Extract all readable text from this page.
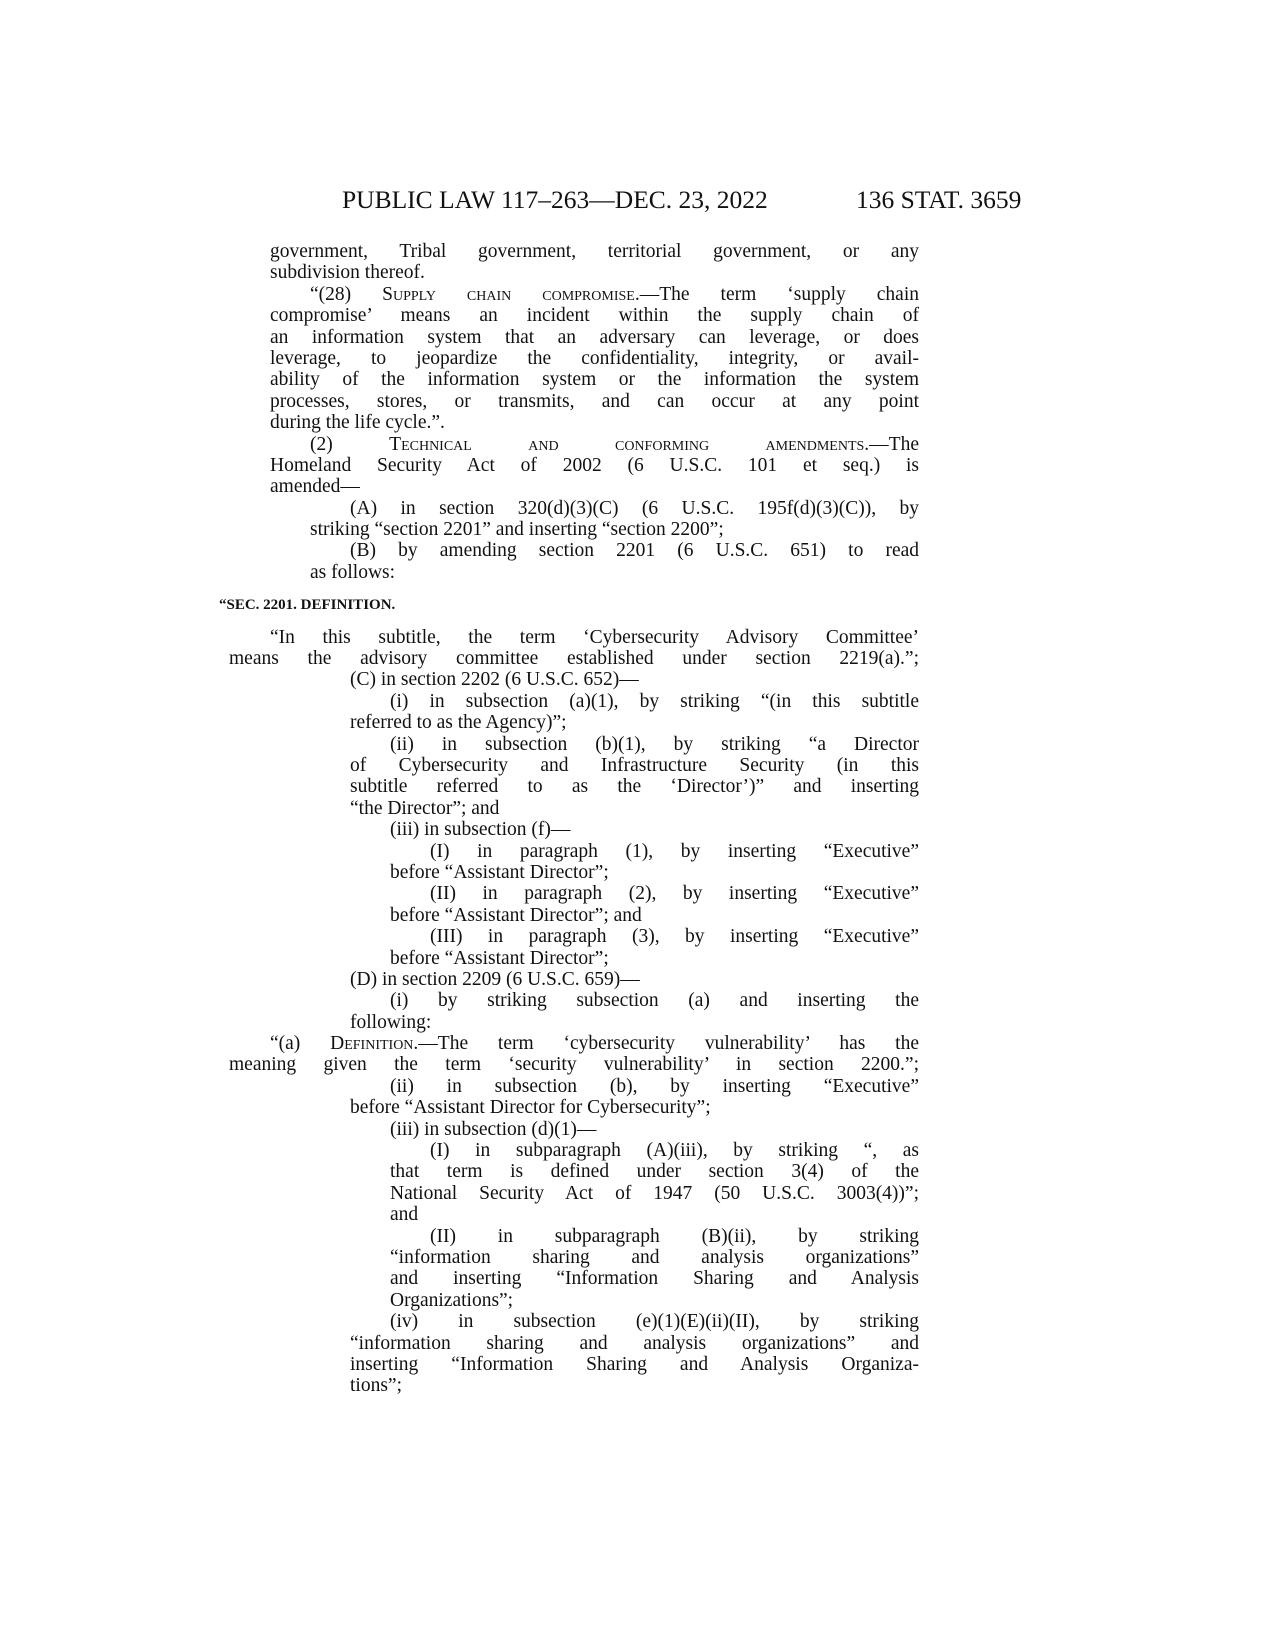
PUBLIC LAW 117–263—DEC. 23, 2022	136 STAT. 3659
government, Tribal government, territorial government, or any
subdivision thereof.
“(28) Supply chain compromise.—The term ‘supply chain
compromise’ means an incident within the supply chain of
an information system that an adversary can leverage, or does
leverage, to jeopardize the confidentiality, integrity, or avail-
ability of the information system or the information the system
processes, stores, or transmits, and can occur at any point
during the life cycle.”.
(2) Technical and conforming amendments.—The
Homeland Security Act of 2002 (6 U.S.C. 101 et seq.) is
amended—
(A) in section 320(d)(3)(C) (6 U.S.C. 195f(d)(3)(C)), by
striking “section 2201” and inserting “section 2200”;
(B) by amending section 2201 (6 U.S.C. 651) to read
as follows:
“SEC. 2201. DEFINITION.
“In this subtitle, the term ‘Cybersecurity Advisory Committee’
means the advisory committee established under section 2219(a).”;
(C) in section 2202 (6 U.S.C. 652)—
(i) in subsection (a)(1), by striking “(in this subtitle
referred to as the Agency)”;
(ii) in subsection (b)(1), by striking “a Director
of Cybersecurity and Infrastructure Security (in this
subtitle referred to as the ‘Director’)” and inserting
“the Director”; and
(iii) in subsection (f)—
(I) in paragraph (1), by inserting “Executive”
before “Assistant Director”;
(II) in paragraph (2), by inserting “Executive”
before “Assistant Director”; and
(III) in paragraph (3), by inserting “Executive”
before “Assistant Director”;
(D) in section 2209 (6 U.S.C. 659)—
(i) by striking subsection (a) and inserting the
following:
“(a) Definition.—The term ‘cybersecurity vulnerability’ has the
meaning given the term ‘security vulnerability’ in section 2200.”;
(ii) in subsection (b), by inserting “Executive”
before “Assistant Director for Cybersecurity”;
(iii) in subsection (d)(1)—
(I) in subparagraph (A)(iii), by striking “, as
that term is defined under section 3(4) of the
National Security Act of 1947 (50 U.S.C. 3003(4))”;
and
(II) in subparagraph (B)(ii), by striking
“information sharing and analysis organizations”
and inserting “Information Sharing and Analysis
Organizations”;
(iv) in subsection (e)(1)(E)(ii)(II), by striking
“information sharing and analysis organizations” and
inserting “Information Sharing and Analysis Organiza-
tions”;
